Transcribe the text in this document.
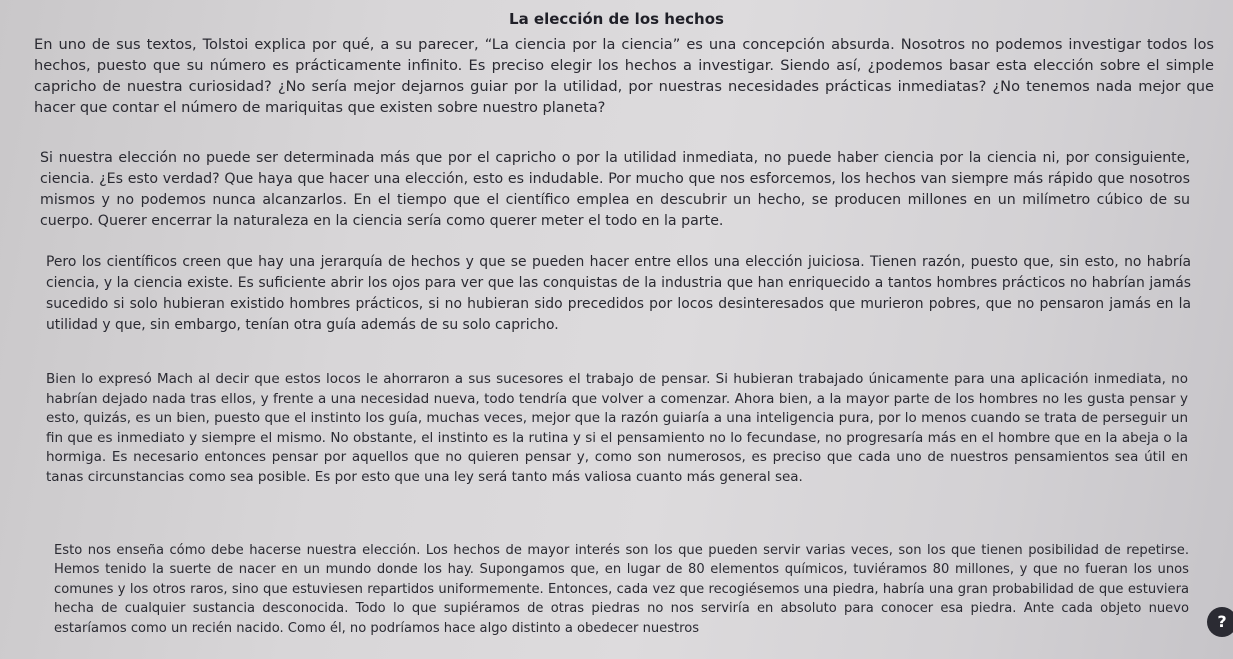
La elección de los hechos

En uno de sus textos, Tolstoi explica por qué, a su parecer, “La ciencia por la ciencia” es una concepción absurda. Nosotros no podemos investigar todos los hechos, puesto que su número es prácticamente infinito. Es preciso elegir los hechos a investigar. Siendo así, ¿podemos basar esta elección sobre el simple capricho de nuestra curiosidad? ¿No sería mejor dejarnos guiar por la utilidad, por nuestras necesidades prácticas inmediatas? ¿No tenemos nada mejor que hacer que contar el número de mariquitas que existen sobre nuestro planeta?

Si nuestra elección no puede ser determinada más que por el capricho o por la utilidad inmediata, no puede haber ciencia por la ciencia ni, por consiguiente, ciencia. ¿Es esto verdad? Que haya que hacer una elección, esto es indudable. Por mucho que nos esforcemos, los hechos van siempre más rápido que nosotros mismos y no podemos nunca alcanzarlos. En el tiempo que el científico emplea en descubrir un hecho, se producen millones en un milímetro cúbico de su cuerpo. Querer encerrar la naturaleza en la ciencia sería como querer meter el todo en la parte.

Pero los científicos creen que hay una jerarquía de hechos y que se pueden hacer entre ellos una elección juiciosa. Tienen razón, puesto que, sin esto, no habría ciencia, y la ciencia existe. Es suficiente abrir los ojos para ver que las conquistas de la industria que han enriquecido a tantos hombres prácticos no habrían jamás sucedido si solo hubieran existido hombres prácticos, si no hubieran sido precedidos por locos desinteresados que murieron pobres, que no pensaron jamás en la utilidad y que, sin embargo, tenían otra guía además de su solo capricho.

Bien lo expresó Mach al decir que estos locos le ahorraron a sus sucesores el trabajo de pensar. Si hubieran trabajado únicamente para una aplicación inmediata, no habrían dejado nada tras ellos, y frente a una necesidad nueva, todo tendría que volver a comenzar. Ahora bien, a la mayor parte de los hombres no les gusta pensar y esto, quizás, es un bien, puesto que el instinto los guía, muchas veces, mejor que la razón guiaría a una inteligencia pura, por lo menos cuando se trata de perseguir un fin que es inmediato y siempre el mismo. No obstante, el instinto es la rutina y si el pensamiento no lo fecundase, no progresaría más en el hombre que en la abeja o la hormiga. Es necesario entonces pensar por aquellos que no quieren pensar y, como son numerosos, es preciso que cada uno de nuestros pensamientos sea útil en tanas circunstancias como sea posible. Es por esto que una ley será tanto más valiosa cuanto más general sea.

Esto nos enseña cómo debe hacerse nuestra elección. Los hechos de mayor interés son los que pueden servir varias veces, son los que tienen posibilidad de repetirse. Hemos tenido la suerte de nacer en un mundo donde los hay. Supongamos que, en lugar de 80 elementos químicos, tuviéramos 80 millones, y que no fueran los unos comunes y los otros raros, sino que estuviesen repartidos uniformemente. Entonces, cada vez que recogiésemos una piedra, habría una gran probabilidad de que estuviera hecha de cualquier sustancia desconocida. Todo lo que supiéramos de otras piedras no nos serviría en absoluto para conocer esa piedra. Ante cada objeto nuevo estaríamos como un recién nacido. Como él, no podríamos hace algo distinto a obedecer nuestros	?
